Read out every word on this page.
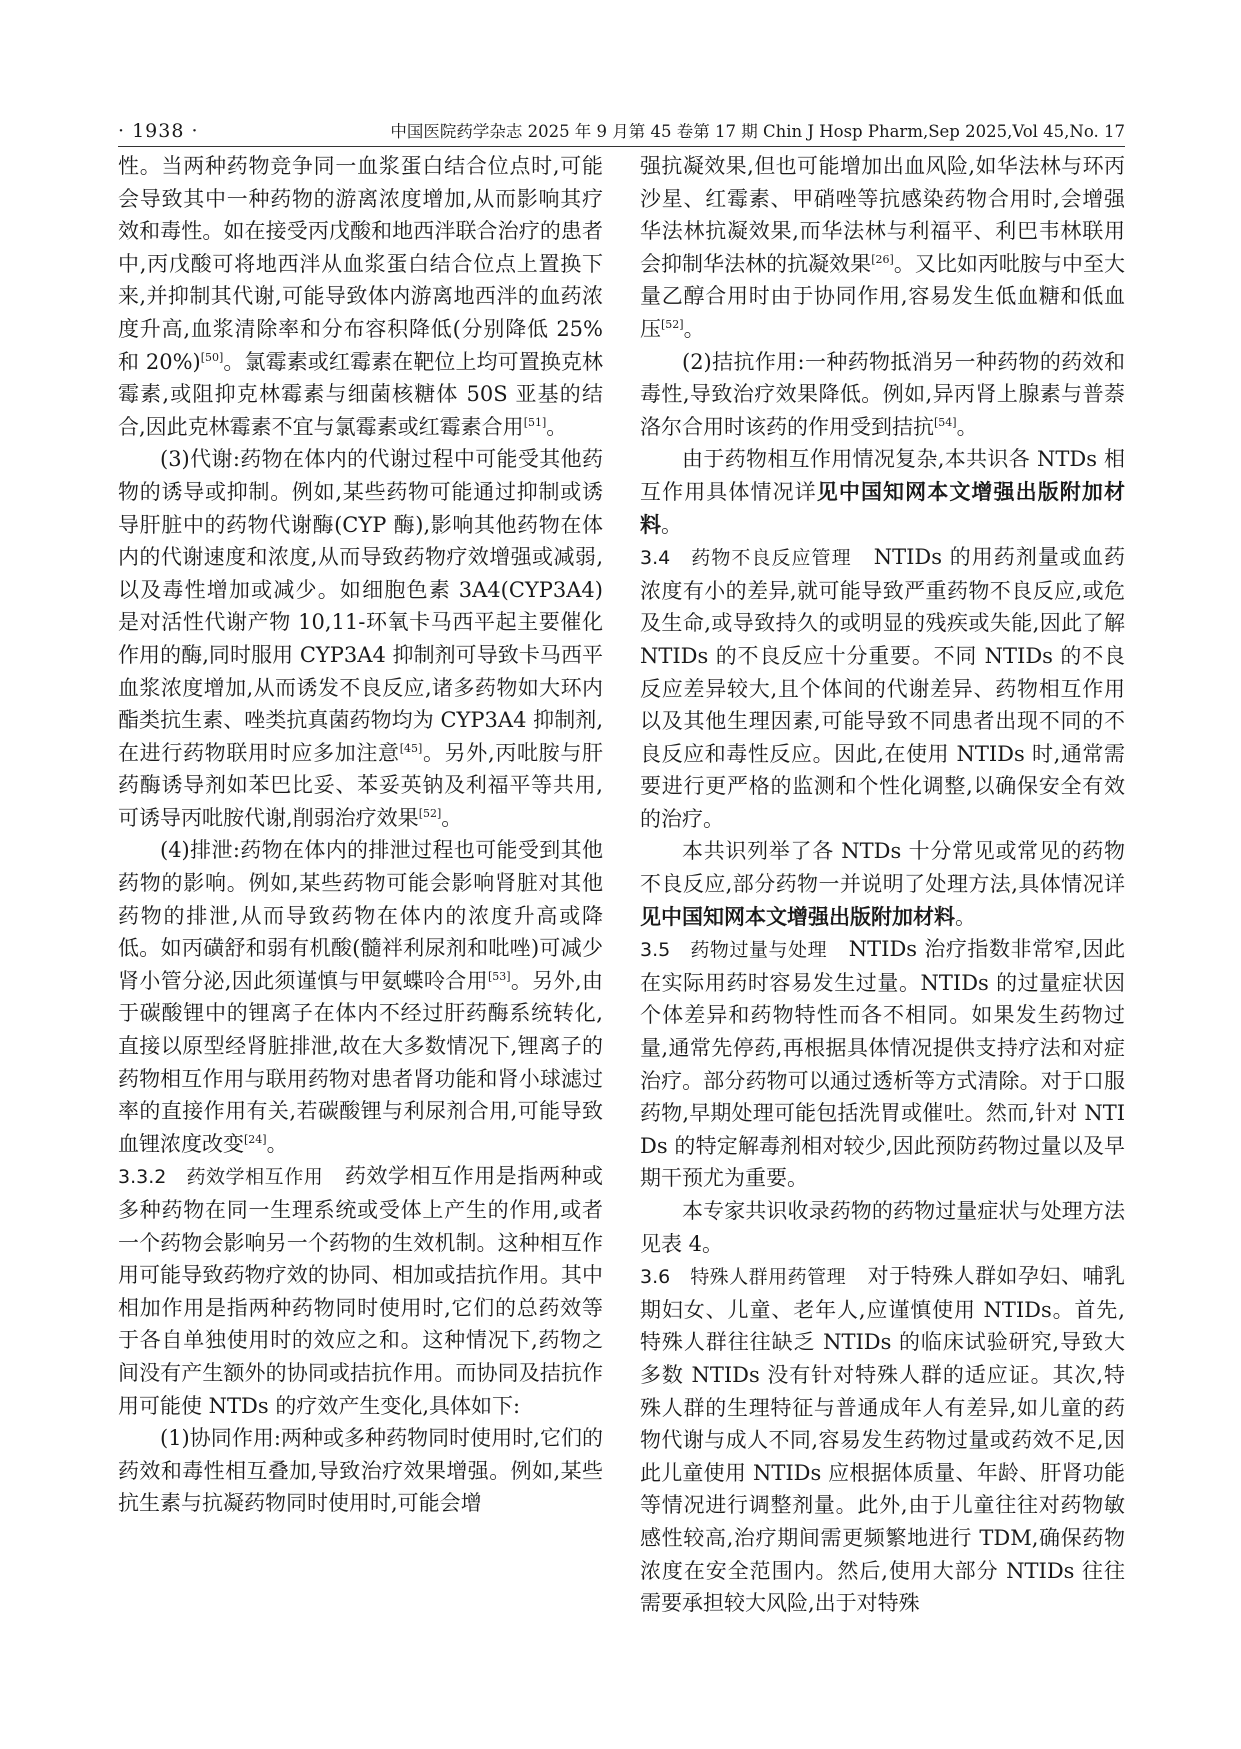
· 1938 ·	中国医院药学杂志 2025 年 9 月第 45 卷第 17 期 Chin J Hosp Pharm,Sep 2025,Vol 45,No. 17

性。当两种药物竞争同一血浆蛋白结合位点时,可能会导致其中一种药物的游离浓度增加,从而影响其疗效和毒性。如在接受丙戊酸和地西泮联合治疗的患者中,丙戊酸可将地西泮从血浆蛋白结合位点上置换下来,并抑制其代谢,可能导致体内游离地西泮的血药浓度升高,血浆清除率和分布容积降低(分别降低 25% 和 20%)[50]。氯霉素或红霉素在靶位上均可置换克林霉素,或阻抑克林霉素与细菌核糖体 50S 亚基的结合,因此克林霉素不宜与氯霉素或红霉素合用[51]。

(3)代谢:药物在体内的代谢过程中可能受其他药物的诱导或抑制。例如,某些药物可能通过抑制或诱导肝脏中的药物代谢酶(CYP 酶),影响其他药物在体内的代谢速度和浓度,从而导致药物疗效增强或减弱,以及毒性增加或减少。如细胞色素 3A4(CYP3A4)是对活性代谢产物 10,11-环氧卡马西平起主要催化作用的酶,同时服用 CYP3A4 抑制剂可导致卡马西平血浆浓度增加,从而诱发不良反应,诸多药物如大环内酯类抗生素、唑类抗真菌药物均为 CYP3A4 抑制剂,在进行药物联用时应多加注意[45]。另外,丙吡胺与肝药酶诱导剂如苯巴比妥、苯妥英钠及利福平等共用,可诱导丙吡胺代谢,削弱治疗效果[52]。

(4)排泄:药物在体内的排泄过程也可能受到其他药物的影响。例如,某些药物可能会影响肾脏对其他药物的排泄,从而导致药物在体内的浓度升高或降低。如丙磺舒和弱有机酸(髓袢利尿剂和吡唑)可减少肾小管分泌,因此须谨慎与甲氨蝶呤合用[53]。另外,由于碳酸锂中的锂离子在体内不经过肝药酶系统转化,直接以原型经肾脏排泄,故在大多数情况下,锂离子的药物相互作用与联用药物对患者肾功能和肾小球滤过率的直接作用有关,若碳酸锂与利尿剂合用,可能导致血锂浓度改变[24]。

3.3.2　药效学相互作用　药效学相互作用是指两种或多种药物在同一生理系统或受体上产生的作用,或者一个药物会影响另一个药物的生效机制。这种相互作用可能导致药物疗效的协同、相加或拮抗作用。其中相加作用是指两种药物同时使用时,它们的总药效等于各自单独使用时的效应之和。这种情况下,药物之间没有产生额外的协同或拮抗作用。而协同及拮抗作用可能使 NTDs 的疗效产生变化,具体如下:

(1)协同作用:两种或多种药物同时使用时,它们的药效和毒性相互叠加,导致治疗效果增强。例如,某些抗生素与抗凝药物同时使用时,可能会增

强抗凝效果,但也可能增加出血风险,如华法林与环丙沙星、红霉素、甲硝唑等抗感染药物合用时,会增强华法林抗凝效果,而华法林与利福平、利巴韦林联用会抑制华法林的抗凝效果[26]。又比如丙吡胺与中至大量乙醇合用时由于协同作用,容易发生低血糖和低血压[52]。

(2)拮抗作用:一种药物抵消另一种药物的药效和毒性,导致治疗效果降低。例如,异丙肾上腺素与普萘洛尔合用时该药的作用受到拮抗[54]。

由于药物相互作用情况复杂,本共识各 NTDs 相互作用具体情况详见中国知网本文增强出版附加材料。

3.4　药物不良反应管理　NTIDs 的用药剂量或血药浓度有小的差异,就可能导致严重药物不良反应,或危及生命,或导致持久的或明显的残疾或失能,因此了解 NTIDs 的不良反应十分重要。不同 NTIDs 的不良反应差异较大,且个体间的代谢差异、药物相互作用以及其他生理因素,可能导致不同患者出现不同的不良反应和毒性反应。因此,在使用 NTIDs 时,通常需要进行更严格的监测和个性化调整,以确保安全有效的治疗。

本共识列举了各 NTDs 十分常见或常见的药物不良反应,部分药物一并说明了处理方法,具体情况详见中国知网本文增强出版附加材料。

3.5　药物过量与处理　NTIDs 治疗指数非常窄,因此在实际用药时容易发生过量。NTIDs 的过量症状因个体差异和药物特性而各不相同。如果发生药物过量,通常先停药,再根据具体情况提供支持疗法和对症治疗。部分药物可以通过透析等方式清除。对于口服药物,早期处理可能包括洗胃或催吐。然而,针对 NTIDs 的特定解毒剂相对较少,因此预防药物过量以及早期干预尤为重要。

本专家共识收录药物的药物过量症状与处理方法见表 4。

3.6　特殊人群用药管理　对于特殊人群如孕妇、哺乳期妇女、儿童、老年人,应谨慎使用 NTIDs。首先,特殊人群往往缺乏 NTIDs 的临床试验研究,导致大多数 NTIDs 没有针对特殊人群的适应证。其次,特殊人群的生理特征与普通成年人有差异,如儿童的药物代谢与成人不同,容易发生药物过量或药效不足,因此儿童使用 NTIDs 应根据体质量、年龄、肝肾功能等情况进行调整剂量。此外,由于儿童往往对药物敏感性较高,治疗期间需更频繁地进行 TDM,确保药物浓度在安全范围内。然后,使用大部分 NTIDs 往往需要承担较大风险,出于对特殊
